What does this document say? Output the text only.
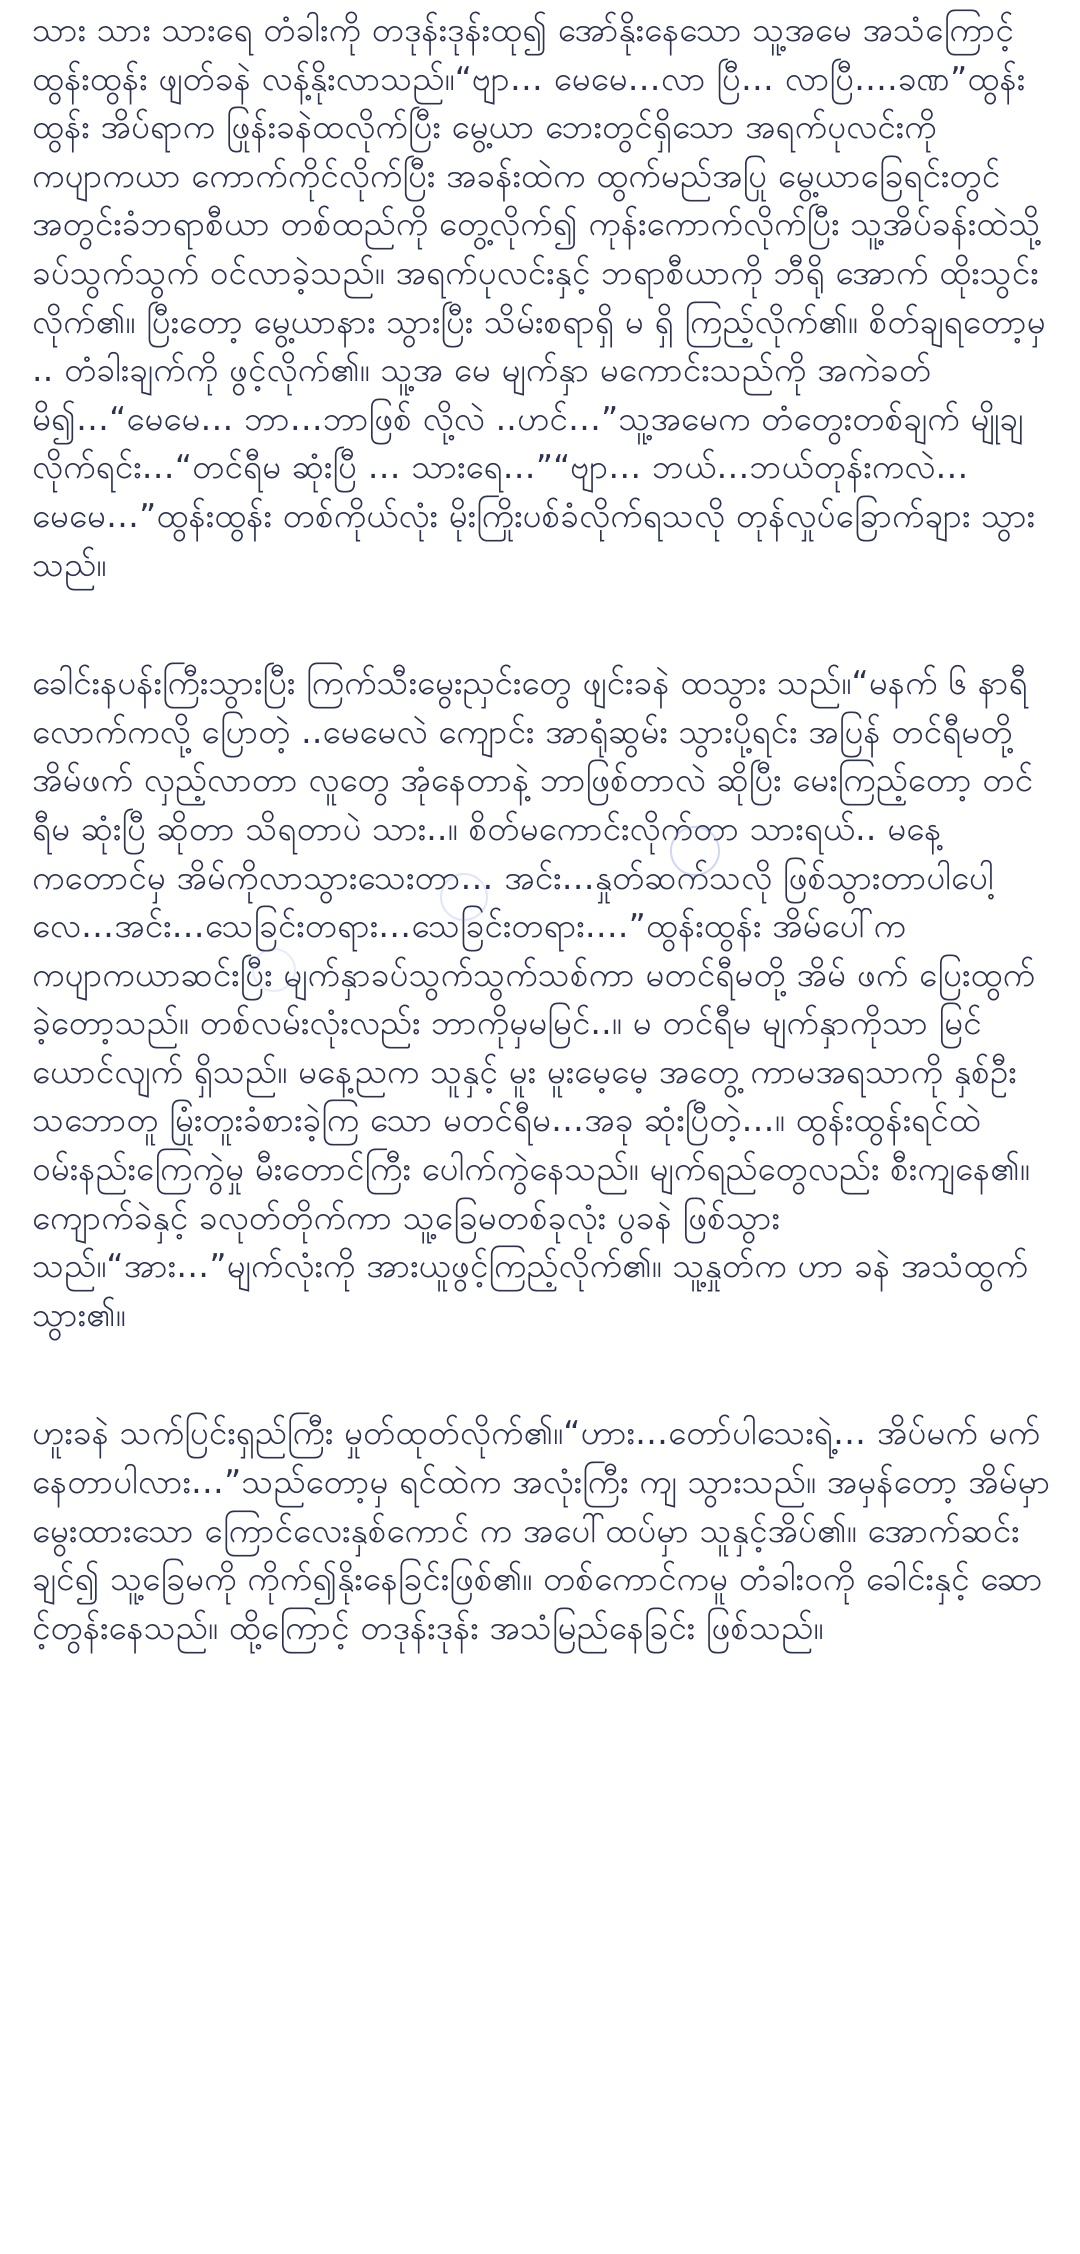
သား သား သားရေ တံခါးကို တဒုန်းဒုန်းထု၍ အော်နိုးနေသော သူ့အမေ အသံကြောင့် ထွန်းထွန်း ဖျတ်ခနဲ လန့်နိုးလာသည်။“ဗျာ… မေမေ…လာ ပြီ… လာပြီ….ခဏ”ထွန်းထွန်း အိပ်ရာက ဖြုန်းခနဲထလိုက်ပြီး မွေ့ယာ ဘေးတွင်ရှိသော အရက်ပုလင်းကို ကပျာကယာ ကောက်ကိုင်လိုက်ပြီး အခန်းထဲက ထွက်မည်အပြု မွေ့ယာခြေရင်းတွင် အတွင်းခံဘရာစီယာ တစ်ထည်ကို တွေ့လိုက်၍ ကုန်းကောက်လိုက်ပြီး သူ့အိပ်ခန်းထဲသို့ ခပ်သွက်သွက် ဝင်လာခဲ့သည်။ အရက်ပုလင်းနှင့် ဘရာစီယာကို ဘီရို အောက် ထိုးသွင်းလိုက်၏။ ပြီးတော့ မွေ့ယာနား သွားပြီး သိမ်းစရာရှိ မ ရှိ ကြည့်လိုက်၏။ စိတ်ချရတော့မှ .. တံခါးချက်ကို ဖွင့်လိုက်၏။ သူ့အ မေ မျက်နှာ မကောင်းသည်ကို အကဲခတ်မိ၍…“မေမေ… ဘာ…ဘာဖြစ် လို့လဲ ..ဟင်…”သူ့အမေက တံတွေးတစ်ချက် မျိုချလိုက်ရင်း…“တင်ရီမ ဆုံးပြီ … သားရေ…”“ဗျာ… ဘယ်…ဘယ်တုန်းကလဲ…မေမေ…”ထွန်းထွန်း တစ်ကိုယ်လုံး မိုးကြိုးပစ်ခံလိုက်ရသလို တုန်လှုပ်ခြောက်ချား သွား သည်။

ခေါင်းနပန်းကြီးသွားပြီး ကြက်သီးမွေးညှင်းတွေ ဖျင်းခနဲ ထသွား သည်။“မနက် ၆ နာရီလောက်ကလို့ ပြောတဲ့ ..မေမေလဲ ကျောင်း အာရုံဆွမ်း သွားပို့ရင်း အပြန် တင်ရီမတို့ အိမ်ဖက် လှည့်လာတာ လူတွေ အုံနေတာနဲ့ ဘာဖြစ်တာလဲ ဆိုပြီး မေးကြည့်တော့ တင်ရီမ ဆုံးပြီ ဆိုတာ သိရတာပဲ သား..။ စိတ်မကောင်းလိုက်တာ သားရယ်.. မနေ့ကတောင်မှ အိမ်ကိုလာသွားသေးတာ… အင်း…နှုတ်ဆက်သလို ဖြစ်သွားတာပါပေါ့ လေ…အင်း…သေခြင်းတရား…သေခြင်းတရား….”ထွန်းထွန်း အိမ်ပေါ်က ကပျာကယာဆင်းပြီး မျက်နှာခပ်သွက်သွက်သစ်ကာ မတင်ရီမတို့ အိမ် ဖက် ပြေးထွက်ခဲ့တော့သည်။ တစ်လမ်းလုံးလည်း ဘာကိုမှမမြင်..။ မ တင်ရီမ မျက်နှာကိုသာ မြင်ယောင်လျက် ရှိသည်။ မနေ့ညက သူနှင့် မူး မူးမေ့မေ့ အတွေ့ ကာမအရသာကို နှစ်ဦးသဘောတူ မြုံးတူးခံစားခဲ့ကြ သော မတင်ရီမ…အခု ဆုံးပြီတဲ့…။ ထွန်းထွန်းရင်ထဲ ဝမ်းနည်းကြေကွဲမှု မီးတောင်ကြီး ပေါက်ကွဲနေသည်။ မျက်ရည်တွေလည်း စီးကျနေ၏။ ကျောက်ခဲနှင့် ခလုတ်တိုက်ကာ သူ့ခြေမတစ်ခုလုံး ပွခနဲ ဖြစ်သွား သည်။“အား…”မျက်လုံးကို အားယူဖွင့်ကြည့်လိုက်၏။ သူ့နှုတ်က ဟာ ခနဲ အသံထွက်သွား၏။

ဟူးခနဲ သက်ပြင်းရှည်ကြီး မှုတ်ထုတ်လိုက်၏။“ဟား…တော်ပါသေးရဲ့… အိပ်မက် မက်နေတာပါလား…”သည်တော့မှ ရင်ထဲက အလုံးကြီး ကျ သွားသည်။ အမှန်တော့ အိမ်မှာမွေးထားသော ကြောင်လေးနှစ်ကောင် က အပေါ်ထပ်မှာ သူနှင့်အိပ်၏။ အောက်ဆင်းချင်၍ သူ့ခြေမကို ကိုက်၍နိုးနေခြင်းဖြစ်၏။ တစ်ကောင်ကမူ တံခါးဝကို ခေါင်းနှင့် ဆော င့်တွန်းနေသည်။ ထို့ကြောင့် တဒုန်းဒုန်း အသံမြည်နေခြင်း ဖြစ်သည်။
